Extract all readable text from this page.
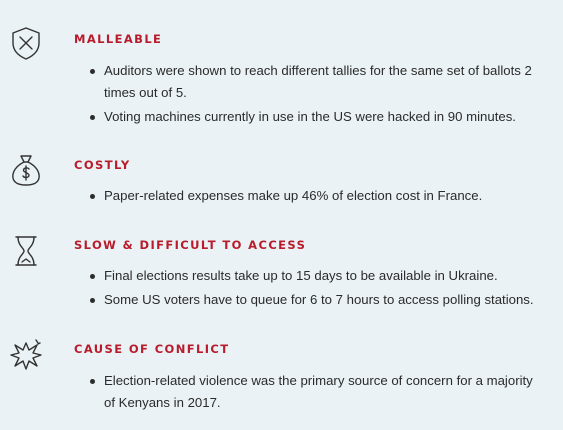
MALLEABLE
Auditors were shown to reach different tallies for the same set of ballots 2 times out of 5.
Voting machines currently in use in the US were hacked in 90 minutes.
COSTLY
Paper-related expenses make up 46% of election cost in France.
SLOW & DIFFICULT TO ACCESS
Final elections results take up to 15 days to be available in Ukraine.
Some US voters have to queue for 6 to 7 hours to access polling stations.
CAUSE OF CONFLICT
Election-related violence was the primary source of concern for a majority of Kenyans in 2017.
